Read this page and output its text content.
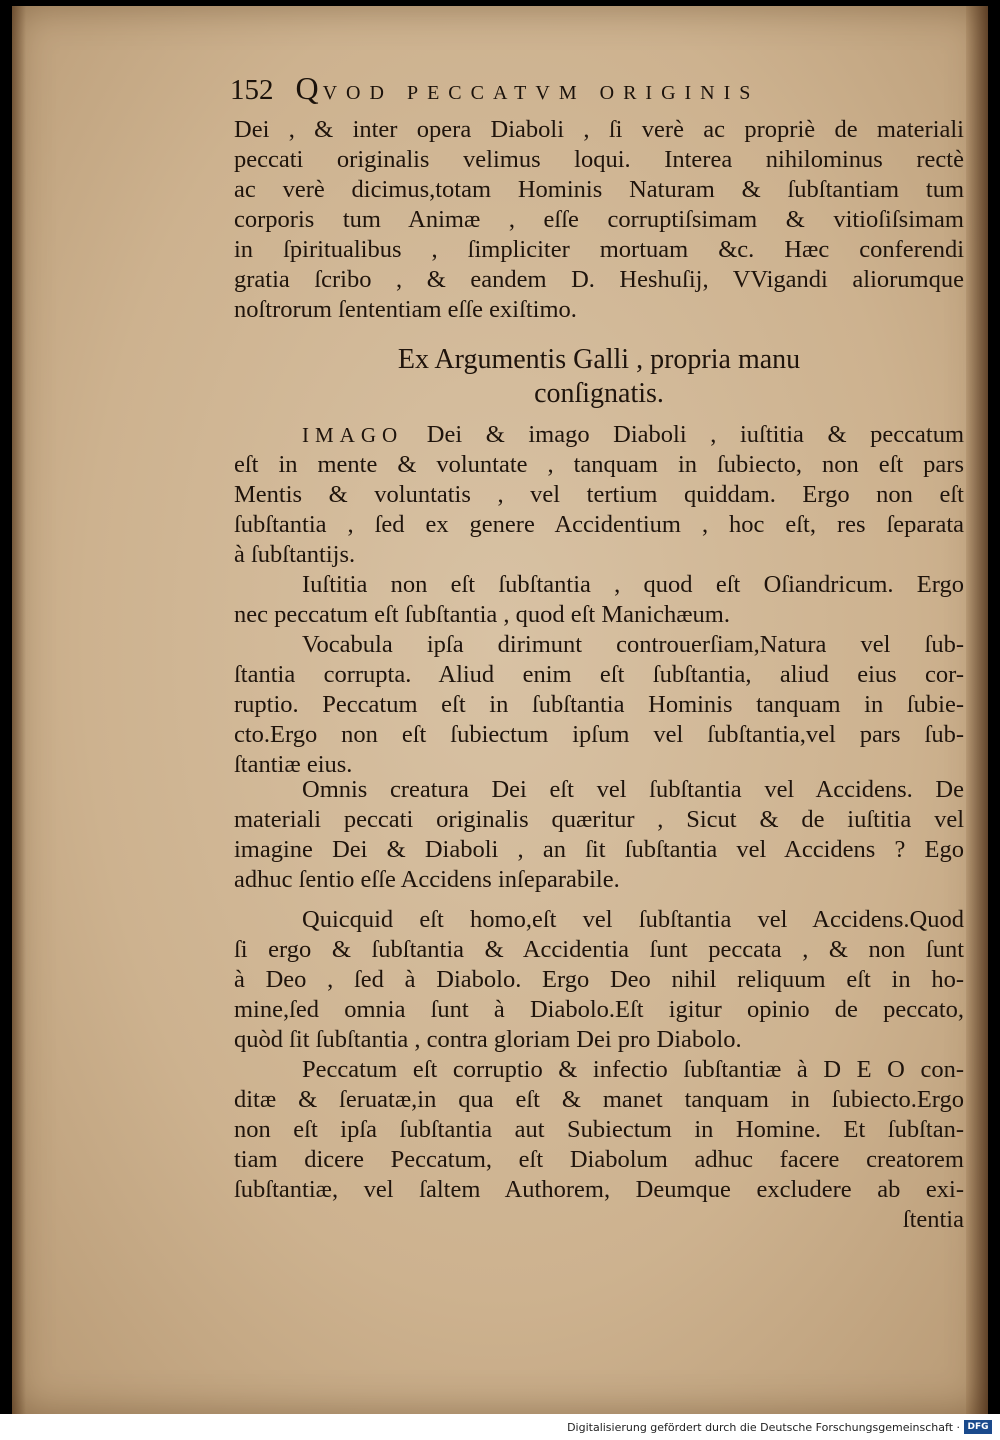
152 QVOD PECCATVM ORIGINIS
Dei , & inter opera Diaboli , ſi verè ac propriè de materiali
peccati originalis velimus loqui. Interea nihilominus rectè
ac verè dicimus,totam Hominis Naturam & ſubſtantiam tum
corporis tum Animæ , eſſe corruptiſsimam & vitioſiſsimam
in ſpiritualibus , ſimpliciter mortuam &c. Hæc conferendi
gratia ſcribo , & eandem D. Heshuſij, VVigandi aliorumque
noſtrorum ſententiam eſſe exiſtimo.
Ex Argumentis Galli , propria manu
conſignatis.
IMAGO Dei & imago Diaboli , iuſtitia & peccatum
eſt in mente & voluntate , tanquam in ſubiecto, non eſt pars
Mentis & voluntatis , vel tertium quiddam. Ergo non eſt
ſubſtantia , ſed ex genere Accidentium , hoc eſt, res ſeparata
à ſubſtantijs.
Iuſtitia non eſt ſubſtantia , quod eſt Oſiandricum. Ergo
nec peccatum eſt ſubſtantia , quod eſt Manichæum.
Vocabula ipſa dirimunt controuerſiam,Natura vel ſub-
ſtantia corrupta. Aliud enim eſt ſubſtantia, aliud eius cor-
ruptio. Peccatum eſt in ſubſtantia Hominis tanquam in ſubie-
cto.Ergo non eſt ſubiectum ipſum vel ſubſtantia,vel pars ſub-
ſtantiæ eius.
Omnis creatura Dei eſt vel ſubſtantia vel Accidens. De
materiali peccati originalis quæritur , Sicut & de iuſtitia vel
imagine Dei & Diaboli , an ſit ſubſtantia vel Accidens ? Ego
adhuc ſentio eſſe Accidens inſeparabile.
Quicquid eſt homo,eſt vel ſubſtantia vel Accidens.Quod
ſi ergo & ſubſtantia & Accidentia ſunt peccata , & non ſunt
à Deo , ſed à Diabolo. Ergo Deo nihil reliquum eſt in ho-
mine,ſed omnia ſunt à Diabolo.Eſt igitur opinio de peccato,
quòd ſit ſubſtantia , contra gloriam Dei pro Diabolo.
Peccatum eſt corruptio & infectio ſubſtantiæ à D E O con-
ditæ & ſeruatæ,in qua eſt & manet tanquam in ſubiecto.Ergo
non eſt ipſa ſubſtantia aut Subiectum in Homine. Et ſubſtan-
tiam dicere Peccatum, eſt Diabolum adhuc facere creatorem
ſubſtantiæ, vel ſaltem Authorem, Deumque excludere ab exi-
ſtentia
Digitalisierung gefördert durch die Deutsche Forschungsgemeinschaft · DFG
